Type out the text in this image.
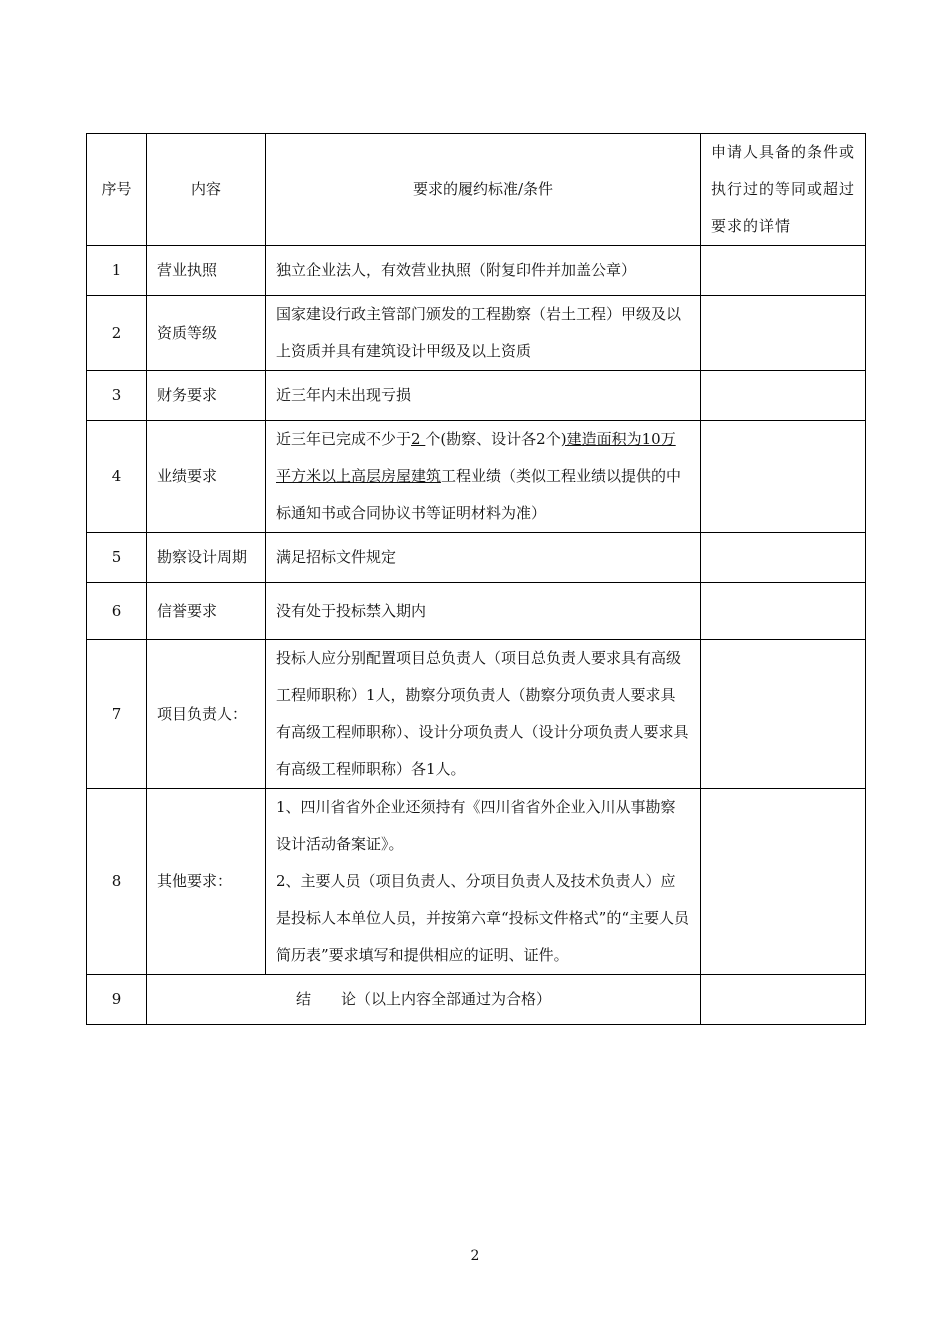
序号	内容	要求的履约标准/条件	申请人具备的条件或执行过的等同或超过要求的详情
1	营业执照	独立企业法人，有效营业执照（附复印件并加盖公章）	
2	资质等级	国家建设行政主管部门颁发的工程勘察（岩土工程）甲级及以上资质并具有建筑设计甲级及以上资质	
3	财务要求	近三年内未出现亏损	
4	业绩要求	近三年已完成不少于2 个(勘察、设计各2个)建造面积为10万平方米以上高层房屋建筑工程业绩（类似工程业绩以提供的中标通知书或合同协议书等证明材料为准）	
5	勘察设计周期	满足招标文件规定	
6	信誉要求	没有处于投标禁入期内	
7	项目负责人：	投标人应分别配置项目总负责人（项目总负责人要求具有高级工程师职称）1人，勘察分项负责人（勘察分项负责人要求具有高级工程师职称）、设计分项负责人（设计分项负责人要求具有高级工程师职称）各1人。	
8	其他要求：	1、四川省省外企业还须持有《四川省省外企业入川从事勘察设计活动备案证》。
2、主要人员（项目负责人、分项目负责人及技术负责人）应是投标人本单位人员，并按第六章“投标文件格式”的“主要人员简历表”要求填写和提供相应的证明、证件。	

9	结　　论（以上内容全部通过为合格）		
2
